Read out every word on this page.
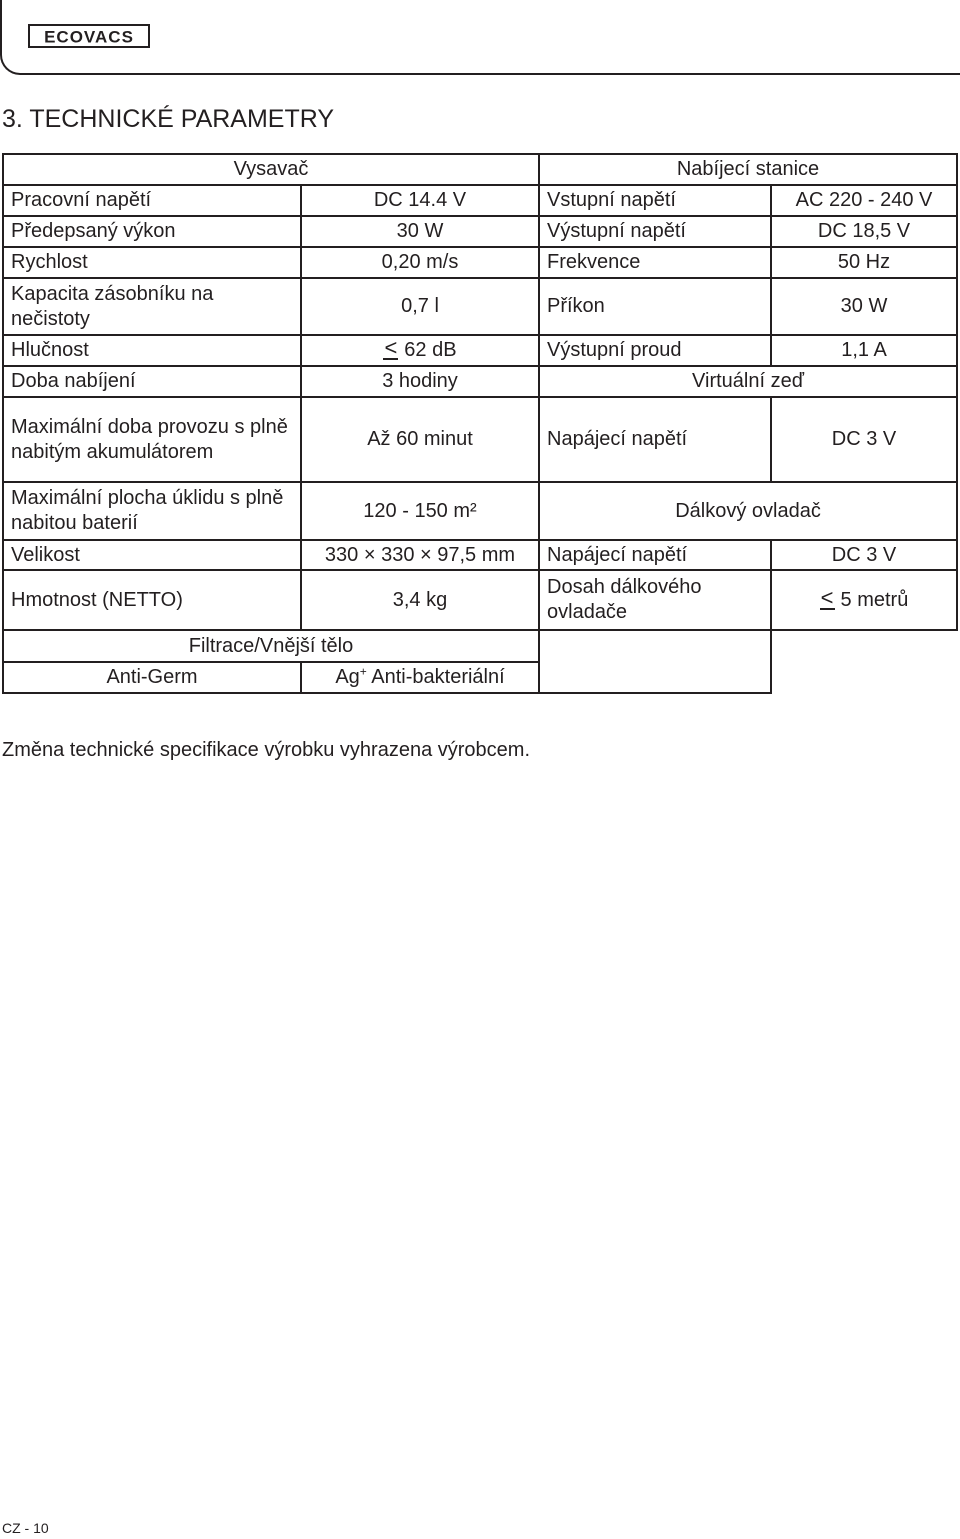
ECOVACS
3. TECHNICKÉ PARAMETRY
Vysavač		Nabíjecí stanice	
Pracovní napětí	DC 14.4 V	Vstupní napětí	AC 220 - 240 V
Předepsaný výkon	30 W	Výstupní napětí	DC 18,5 V
Rychlost	0,20 m/s	Frekvence	50 Hz
Kapacita zásobníku na nečistoty	0,7 l	Příkon	30 W
Hlučnost	< 62 dB	Výstupní proud	1,1 A
Doba nabíjení	3 hodiny	Virtuální zeď	
Maximální doba provozu s plně nabitým akumulátorem	Až 60 minut	Napájecí napětí	DC 3 V
Maximální plocha úklidu s plně nabitou baterií	120 - 150 m²	Dálkový ovladač	
Velikost	330 × 330 × 97,5 mm	Napájecí napětí	DC 3 V
Hmotnost (NETTO)	3,4 kg	Dosah dálkového ovladače	< 5 metrů
Filtrace/Vnější tělo			
Anti-Germ	Ag+ Anti-bakteriální		
Změna technické specifikace výrobku vyhrazena výrobcem.
CZ - 10
